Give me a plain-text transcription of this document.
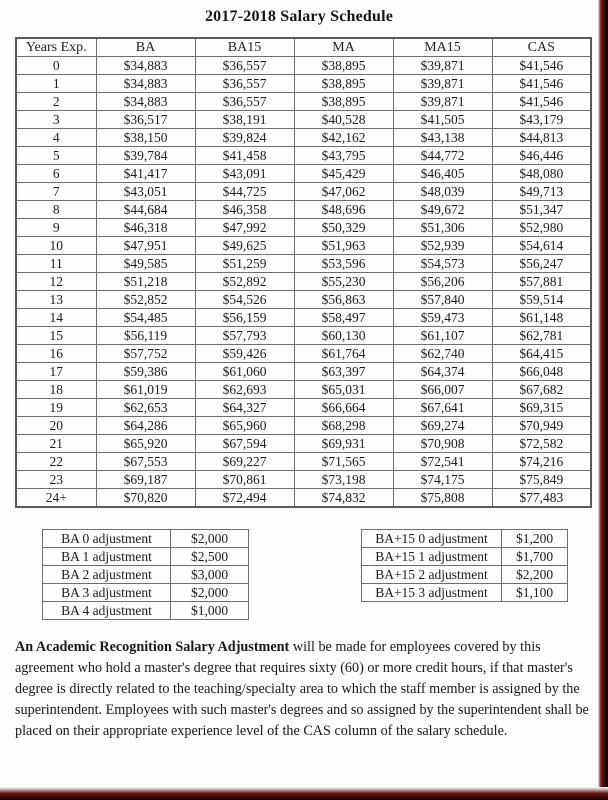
2017-2018 Salary Schedule
Years Exp.	BA	BA15	MA	MA15	CAS
0	$34,883	$36,557	$38,895	$39,871	$41,546
1	$34,883	$36,557	$38,895	$39,871	$41,546
2	$34,883	$36,557	$38,895	$39,871	$41,546
3	$36,517	$38,191	$40,528	$41,505	$43,179
4	$38,150	$39,824	$42,162	$43,138	$44,813
5	$39,784	$41,458	$43,795	$44,772	$46,446
6	$41,417	$43,091	$45,429	$46,405	$48,080
7	$43,051	$44,725	$47,062	$48,039	$49,713
8	$44,684	$46,358	$48,696	$49,672	$51,347
9	$46,318	$47,992	$50,329	$51,306	$52,980
10	$47,951	$49,625	$51,963	$52,939	$54,614
11	$49,585	$51,259	$53,596	$54,573	$56,247
12	$51,218	$52,892	$55,230	$56,206	$57,881
13	$52,852	$54,526	$56,863	$57,840	$59,514
14	$54,485	$56,159	$58,497	$59,473	$61,148
15	$56,119	$57,793	$60,130	$61,107	$62,781
16	$57,752	$59,426	$61,764	$62,740	$64,415
17	$59,386	$61,060	$63,397	$64,374	$66,048
18	$61,019	$62,693	$65,031	$66,007	$67,682
19	$62,653	$64,327	$66,664	$67,641	$69,315
20	$64,286	$65,960	$68,298	$69,274	$70,949
21	$65,920	$67,594	$69,931	$70,908	$72,582
22	$67,553	$69,227	$71,565	$72,541	$74,216
23	$69,187	$70,861	$73,198	$74,175	$75,849
24+	$70,820	$72,494	$74,832	$75,808	$77,483
BA 0 adjustment	$2,000
BA 1 adjustment	$2,500
BA 2 adjustment	$3,000
BA 3 adjustment	$2,000
BA 4 adjustment	$1,000
BA+15 0 adjustment	$1,200
BA+15 1 adjustment	$1,700
BA+15 2 adjustment	$2,200
BA+15 3 adjustment	$1,100

An Academic Recognition Salary Adjustment will be made for employees covered by this agreement who hold a master's degree that requires sixty (60) or more credit hours, if that master's degree is directly related to the teaching/specialty area to which the staff member is assigned by the superintendent. Employees with such master's degrees and so assigned by the superintendent shall be placed on their appropriate experience level of the CAS column of the salary schedule.
